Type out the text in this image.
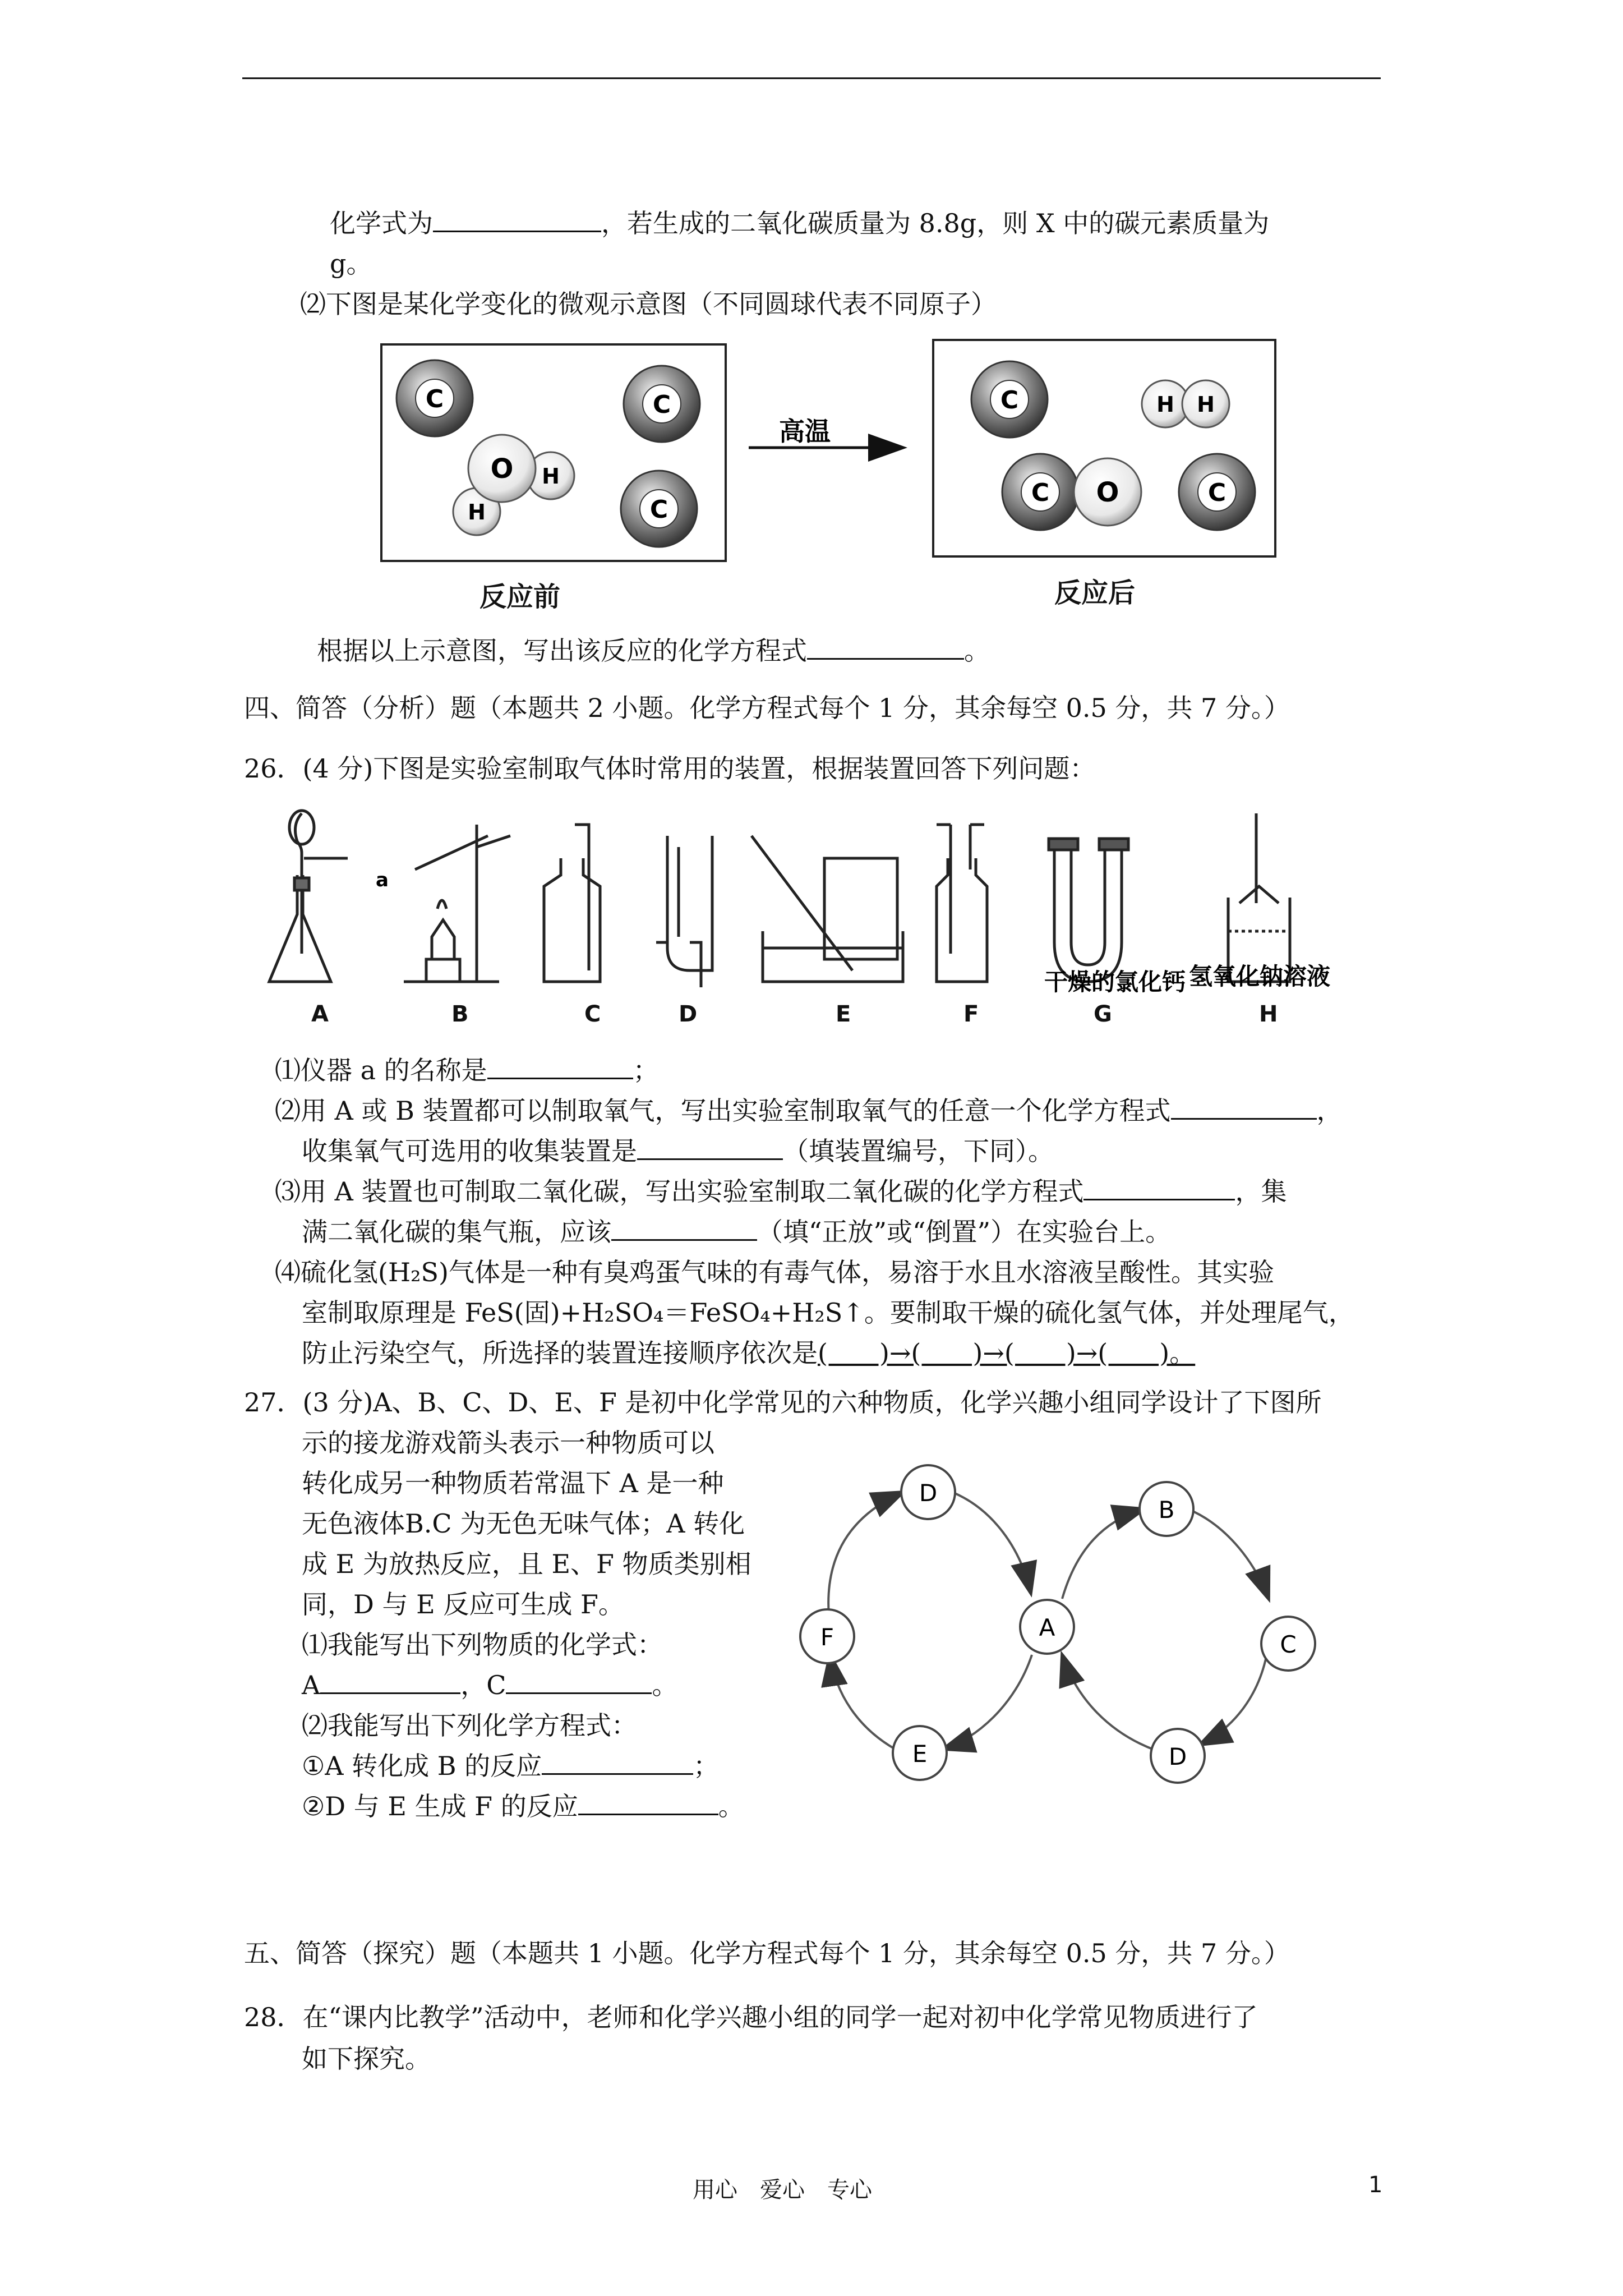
化学式为	，若生成的二氧化碳质量为 8.8g，则 X 中的碳元素质量为
g。
⑵下图是某化学变化的微观示意图（不同圆球代表不同原子）
C	C
C
H
H
O
高温
C	H H
C O	C
反应前	反应后
根据以上示意图，写出该反应的化学方程式	。
四、简答（分析）题（本题共 2 小题。化学方程式每个 1 分，其余每空 0.5 分，共 7 分。）
26．(4 分)下图是实验室制取气体时常用的装置，根据装置回答下列问题：
a
干燥的氯化钙 氢氧化钠溶液
A	B	C	D	E	F	G	H
⑴仪器 a 的名称是	；
⑵用 A 或 B 装置都可以制取氧气，写出实验室制取氧气的任意一个化学方程式	，
收集氧气可选用的收集装置是	（填装置编号，下同）。
⑶用 A 装置也可制取二氧化碳，写出实验室制取二氧化碳的化学方程式	，集
满二氧化碳的集气瓶，应该	（填“正放”或“倒置”）在实验台上。
⑷硫化氢(H₂S)气体是一种有臭鸡蛋气味的有毒气体，易溶于水且水溶液呈酸性。其实验
室制取原理是 FeS(固)+H₂SO₄＝FeSO₄+H₂S↑。要制取干燥的硫化氢气体，并处理尾气，
防止污染空气，所选择的装置连接顺序依次是(　　)→(　　)→(　　)→(　　)。
27．(3 分)A、B、C、D、E、F 是初中化学常见的六种物质，化学兴趣小组同学设计了下图所
示的接龙游戏箭头表示一种物质可以
转化成另一种物质若常温下 A 是一种
无色液体B.C 为无色无味气体；A 转化
成 E 为放热反应，且 E、F 物质类别相
同，D 与 E 反应可生成 F。
⑴我能写出下列物质的化学式：
A	，C	。
⑵我能写出下列化学方程式：
①A 转化成 B 的反应	；
②D 与 E 生成 F 的反应	。
D
B
F	A
C
E	D
五、简答（探究）题（本题共 1 小题。化学方程式每个 1 分，其余每空 0.5 分，共 7 分。）
28．在“课内比教学”活动中，老师和化学兴趣小组的同学一起对初中化学常见物质进行了
如下探究。
用心　爱心　专心	1
